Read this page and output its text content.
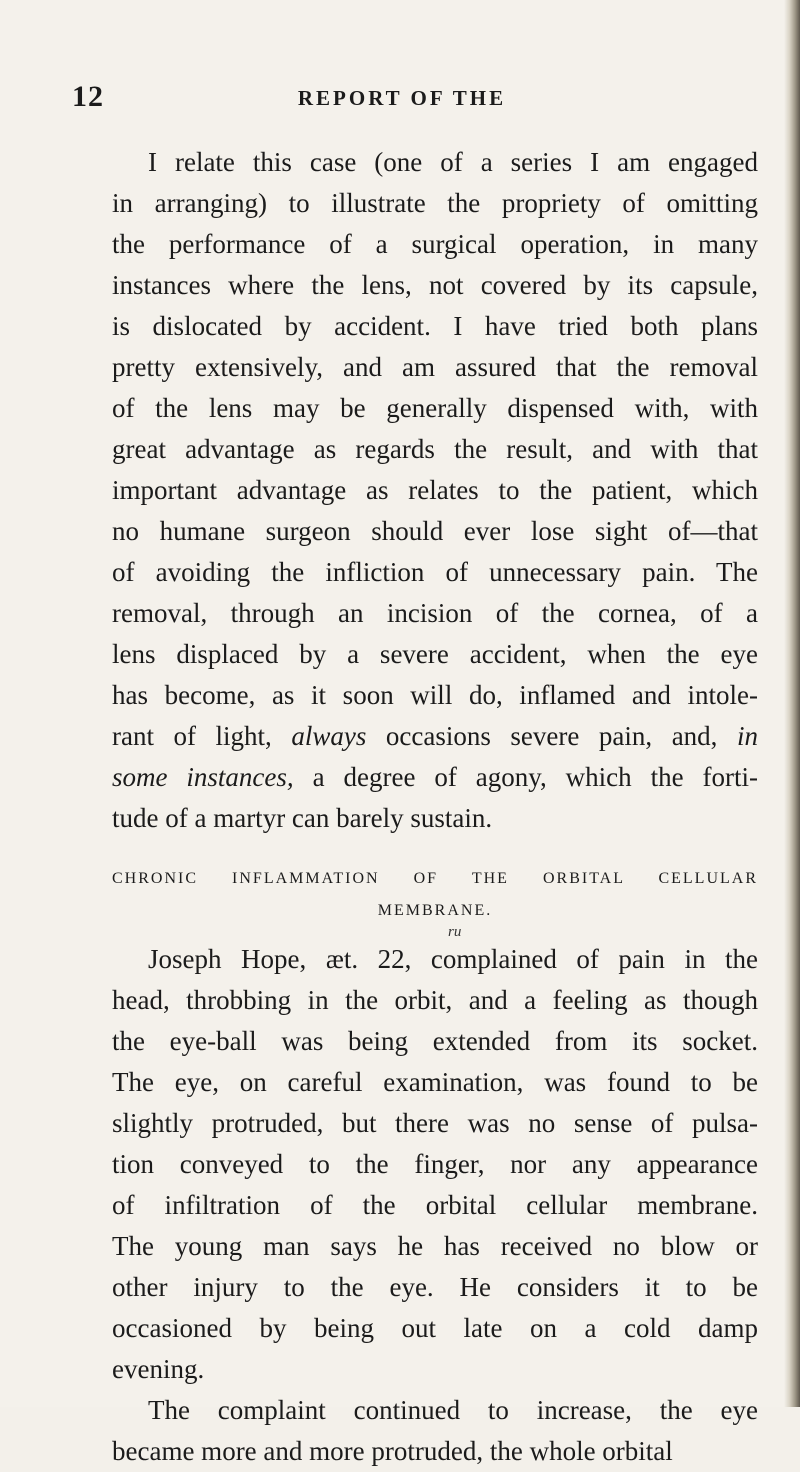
12	REPORT OF THE
I relate this case (one of a series I am engaged
in arranging) to illustrate the propriety of omitting
the performance of a surgical operation, in many
instances where the lens, not covered by its capsule,
is dislocated by accident. I have tried both plans
pretty extensively, and am assured that the removal
of the lens may be generally dispensed with, with
great advantage as regards the result, and with that
important advantage as relates to the patient, which
no humane surgeon should ever lose sight of—that
of avoiding the infliction of unnecessary pain. The
removal, through an incision of the cornea, of a
lens displaced by a severe accident, when the eye
has become, as it soon will do, inflamed and intole-
rant of light, always occasions severe pain, and, in
some instances, a degree of agony, which the forti-
tude of a martyr can barely sustain.
CHRONIC INFLAMMATION OF THE ORBITAL CELLULAR
MEMBRANE.
Joseph Hope, æt. 22, complained of pain in the
head, throbbing in the orbit, and a feeling as though
the eye-ball was being extended from its socket.
The eye, on careful examination, was found to be
slightly protruded, but there was no sense of pulsa-
tion conveyed to the finger, nor any appearance
of infiltration of the orbital cellular membrane.
The young man says he has received no blow or
other injury to the eye. He considers it to be
occasioned by being out late on a cold damp
evening.
The complaint continued to increase, the eye
became more and more protruded, the whole orbital
ru
